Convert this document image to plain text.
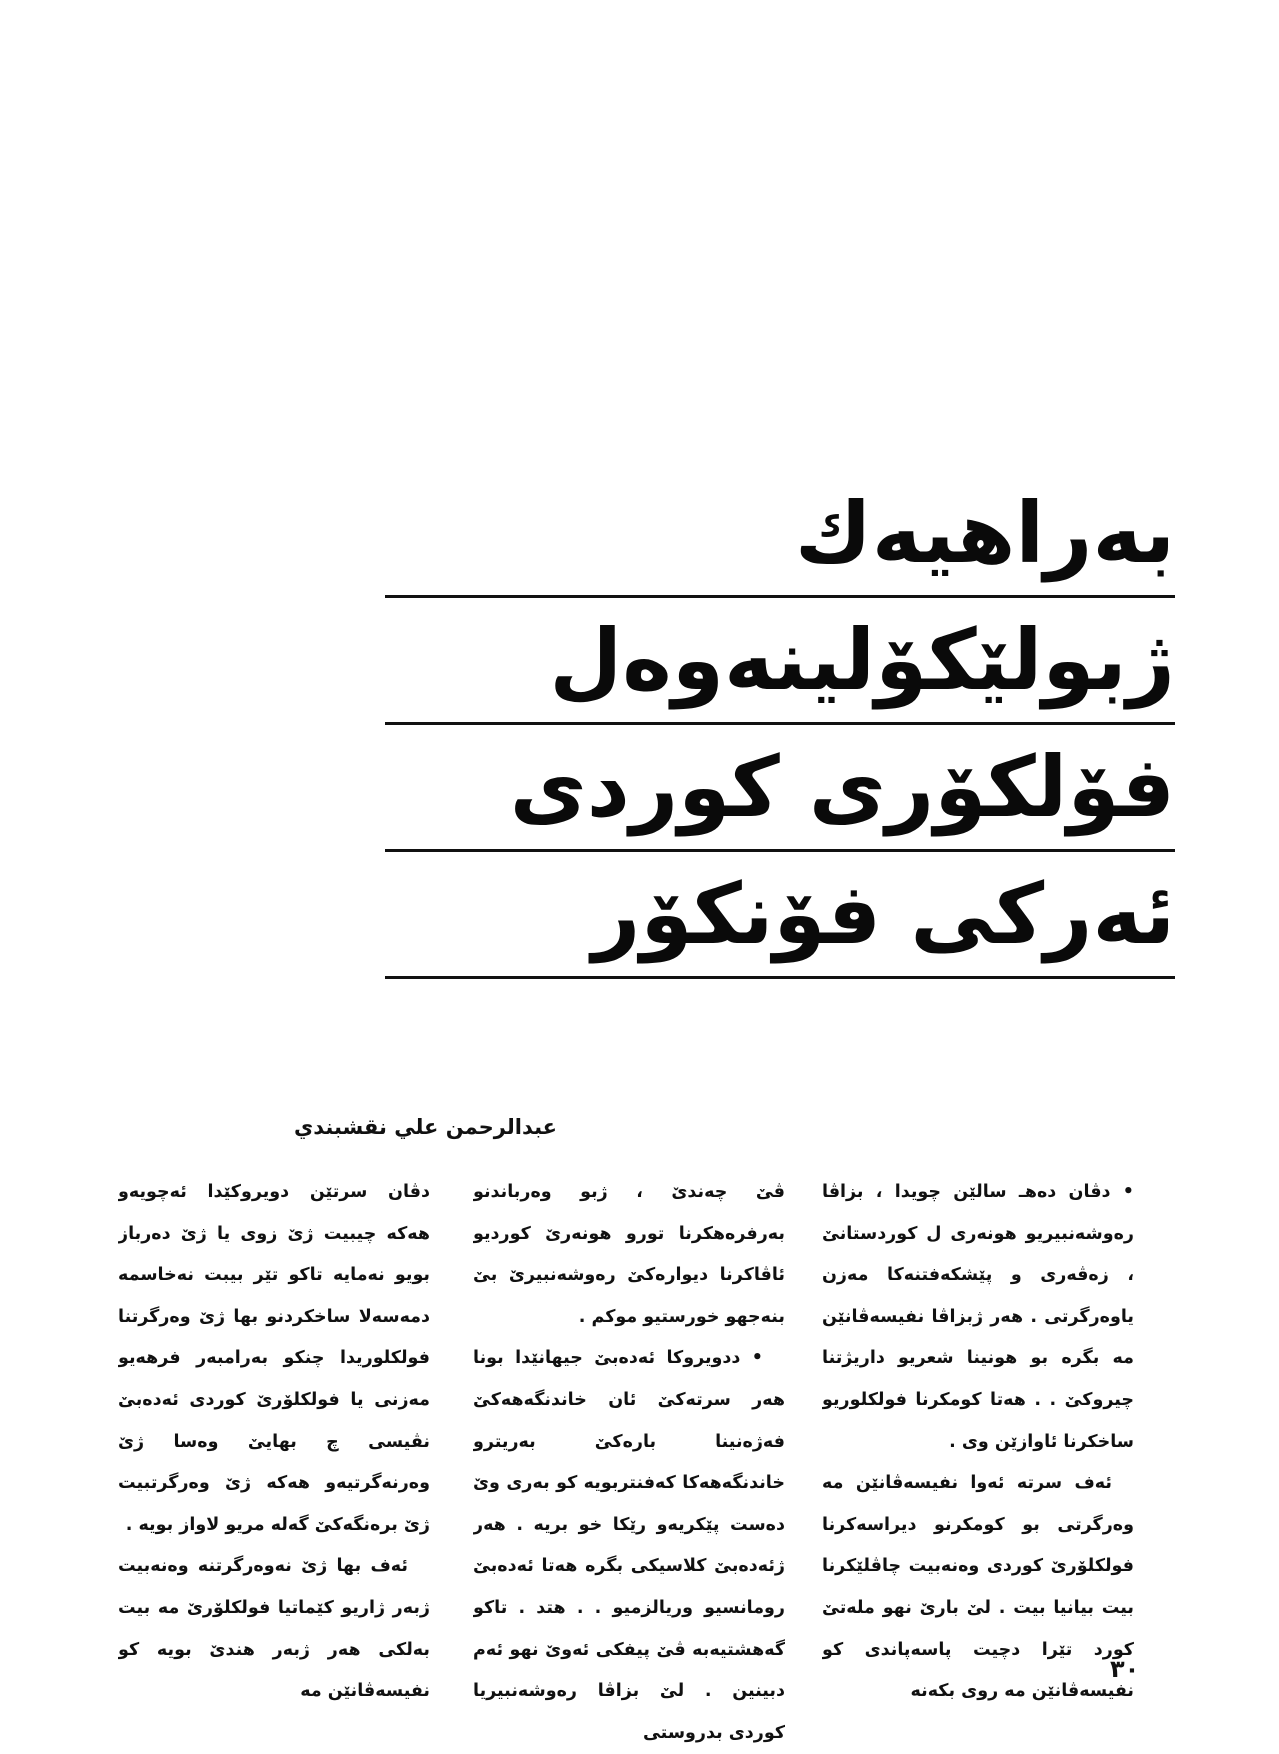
بەراهیەك
ژبولێكۆلینەوەل
فۆلكۆری كوردی
ئەركی فۆنكۆر
عبدالرحمن علي نقشبندي

• دڤان دەهـ سالێن چویدا ، بزاڤا رەوشەنبیریو هونەری ل كوردستانێ ، زەڤەری و پێشكەفتنەكا مەزن یاوەرگرتی . هەر ژبزاڤا نفیسەڤانێن مە بگرە بو هونینا شعریو داریژتنا چیروكێ . . هەتا كومكرنا فولكلوریو ساخكرنا ئاوازێن وی .

ئەف سرتە ئەوا نفیسەڤانێن مە وەرگرتی بو كومكرنو دیراسەكرنا فولكلۆرێ كوردی وەنەبیت چاڤلێكرنا بیت بیانیا بیت . لێ بارێ نهو ملەتێ كورد تێرا دچیت پاسەپاندی كو نفیسەڤانێن مە روی بكەنە

ڤێ چەندێ ، ژبو وەرباندنو بەرفرەهكرنا تورو هونەرێ كوردیو ئاڤاكرنا دیوارەكێ رەوشەنبیرێ بێ بنەجهو خورستیو موكم .

• ددویروكا ئەدەبێ جیهانێدا بونا هەر سرتەكێ ئان خاندنگەهەكێ فەژەنینا بارەكێ بەریترو خاندنگەهەكا كەفنتربویە كو بەری وێ دەست پێكریەو رێكا خو بریە . هەر ژئەدەبێ كلاسیكی بگرە هەتا ئەدەبێ رومانسیو وریالزمیو . . هتد . تاكو گەهشتیەبە ڤێ پیفكی ئەوێ نهو ئەم دبینین . لێ بزاڤا رەوشەنبیریا كوردی بدروستی

دڤان سرتێن دویروكێدا ئەچویەو هەكە چیبیت ژێ زوی یا ژێ دەرباز بویو نەمایە تاكو تێر بیبت نەخاسمە دمەسەلا ساخكردنو بها ژێ وەرگرتنا فولكلوریدا چنكو بەرامبەر فرهەیو مەزنی یا فولكلۆرێ كوردی ئەدەبێ نڤیسی چ بهایێ وەسا ژێ وەرنەگرتیەو هەكە ژێ وەرگرتبیت ژێ برەنگەكێ گەلە مریو لاواز بویە .

ئەف بها ژێ نەوەرگرتنە وەنەبیت ژبەر ژاریو كێماتیا فولكلۆرێ مە بیت بەلكی هەر ژبەر هندێ بویە كو نفیسەڤانێن مە

٣٠
